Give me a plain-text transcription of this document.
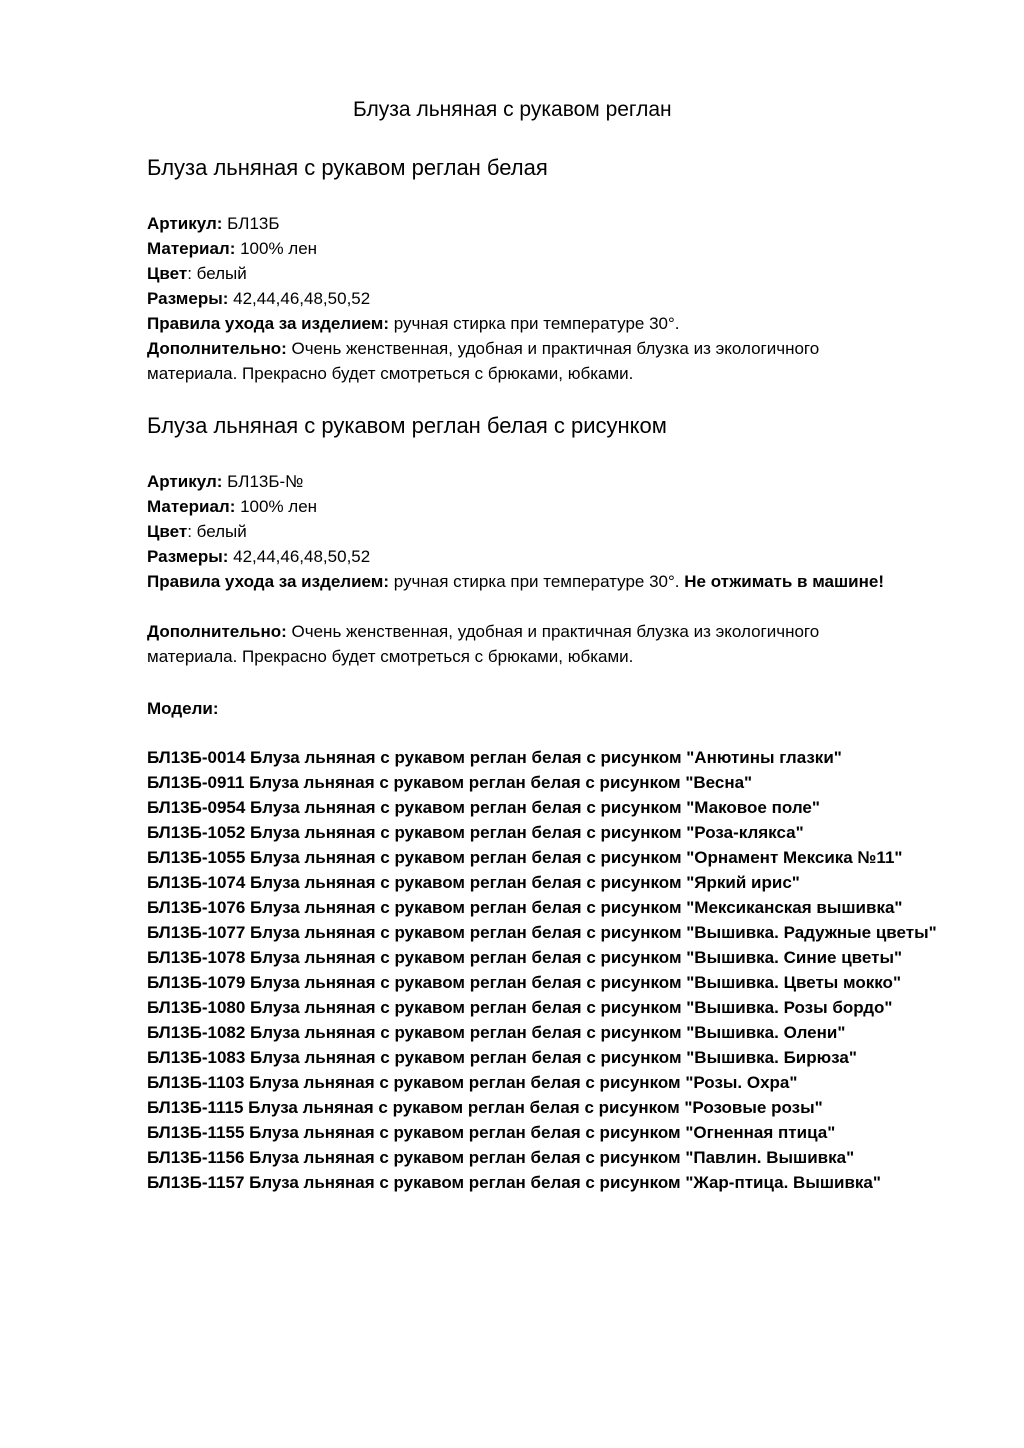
Блуза льняная с рукавом реглан
Блуза льняная с рукавом реглан белая
Артикул: БЛ13Б
Материал: 100% лен
Цвет: белый
Размеры: 42,44,46,48,50,52
Правила ухода за изделием: ручная стирка при температуре 30°.
Дополнительно: Очень женственная, удобная и практичная блузка из экологичного материала. Прекрасно будет смотреться с брюками, юбками.
Блуза льняная с рукавом реглан белая с рисунком
Артикул: БЛ13Б-№
Материал: 100% лен
Цвет: белый
Размеры: 42,44,46,48,50,52
Правила ухода за изделием: ручная стирка при температуре 30°. Не отжимать в машине!
Дополнительно: Очень женственная, удобная и практичная блузка из экологичного материала. Прекрасно будет смотреться с брюками, юбками.
Модели:
БЛ13Б-0014 Блуза льняная с рукавом реглан белая с рисунком "Анютины глазки"
БЛ13Б-0911 Блуза льняная с рукавом реглан белая с рисунком "Весна"
БЛ13Б-0954 Блуза льняная с рукавом реглан белая с рисунком "Маковое поле"
БЛ13Б-1052 Блуза льняная с рукавом реглан белая с рисунком "Роза-клякса"
БЛ13Б-1055 Блуза льняная с рукавом реглан белая с рисунком "Орнамент Мексика №11"
БЛ13Б-1074 Блуза льняная с рукавом реглан белая с рисунком "Яркий ирис"
БЛ13Б-1076 Блуза льняная с рукавом реглан белая с рисунком "Мексиканская вышивка"
БЛ13Б-1077 Блуза льняная с рукавом реглан белая с рисунком "Вышивка. Радужные цветы"
БЛ13Б-1078 Блуза льняная с рукавом реглан белая с рисунком "Вышивка. Синие цветы"
БЛ13Б-1079 Блуза льняная с рукавом реглан белая с рисунком "Вышивка. Цветы мокко"
БЛ13Б-1080 Блуза льняная с рукавом реглан белая с рисунком "Вышивка. Розы бордо"
БЛ13Б-1082 Блуза льняная с рукавом реглан белая с рисунком "Вышивка. Олени"
БЛ13Б-1083 Блуза льняная с рукавом реглан белая с рисунком "Вышивка. Бирюза"
БЛ13Б-1103 Блуза льняная с рукавом реглан белая с рисунком "Розы. Охра"
БЛ13Б-1115 Блуза льняная с рукавом реглан белая с рисунком "Розовые розы"
БЛ13Б-1155 Блуза льняная с рукавом реглан белая с рисунком "Огненная птица"
БЛ13Б-1156 Блуза льняная с рукавом реглан белая с рисунком "Павлин. Вышивка"
БЛ13Б-1157 Блуза льняная с рукавом реглан белая с рисунком "Жар-птица. Вышивка"
